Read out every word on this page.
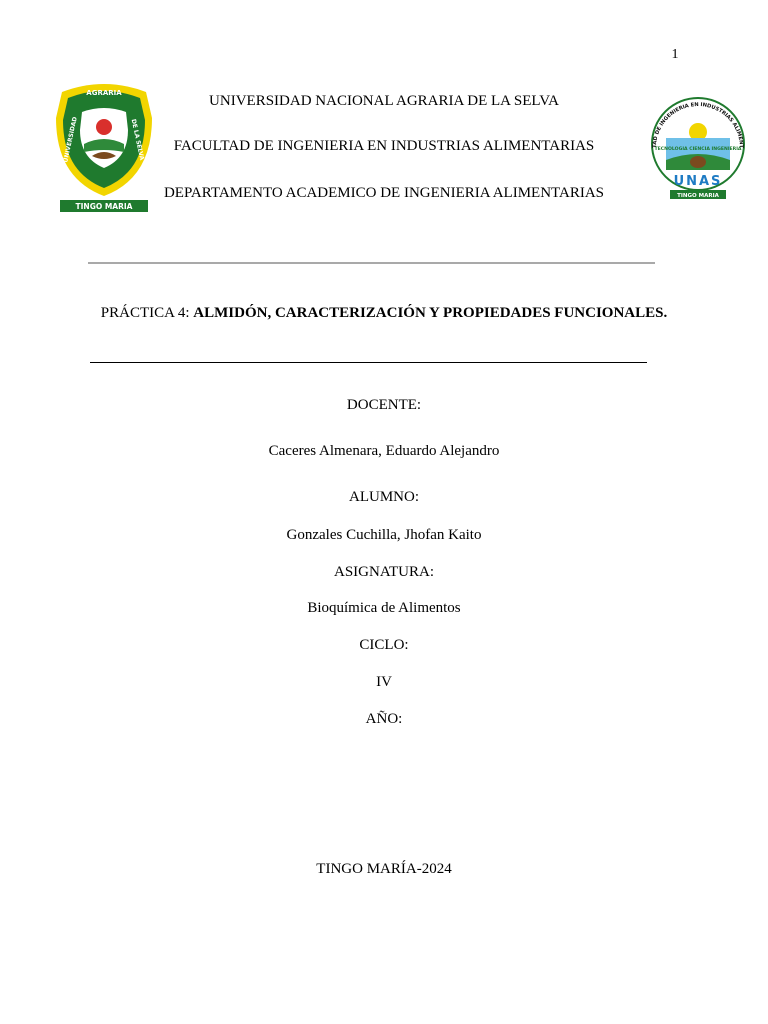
1
AGRARIA
UNIVERSIDAD	DE LA SELVA
TINGO MARIA
TAD DE INGENIERIA EN INDUSTRIAS ALIMENT
TECNOLOGIA CIENCIA INGENIERIA
UNAS
TINGO MARIA
UNIVERSIDAD NACIONAL AGRARIA DE LA SELVA
FACULTAD DE INGENIERIA EN INDUSTRIAS ALIMENTARIAS
DEPARTAMENTO ACADEMICO DE INGENIERIA ALIMENTARIAS
PRÁCTICA 4: ALMIDÓN, CARACTERIZACIÓN Y PROPIEDADES FUNCIONALES.
DOCENTE:
Caceres Almenara, Eduardo Alejandro
ALUMNO:
Gonzales Cuchilla, Jhofan Kaito
ASIGNATURA:
Bioquímica de Alimentos
CICLO:
IV
AÑO:
TINGO MARÍA-2024
